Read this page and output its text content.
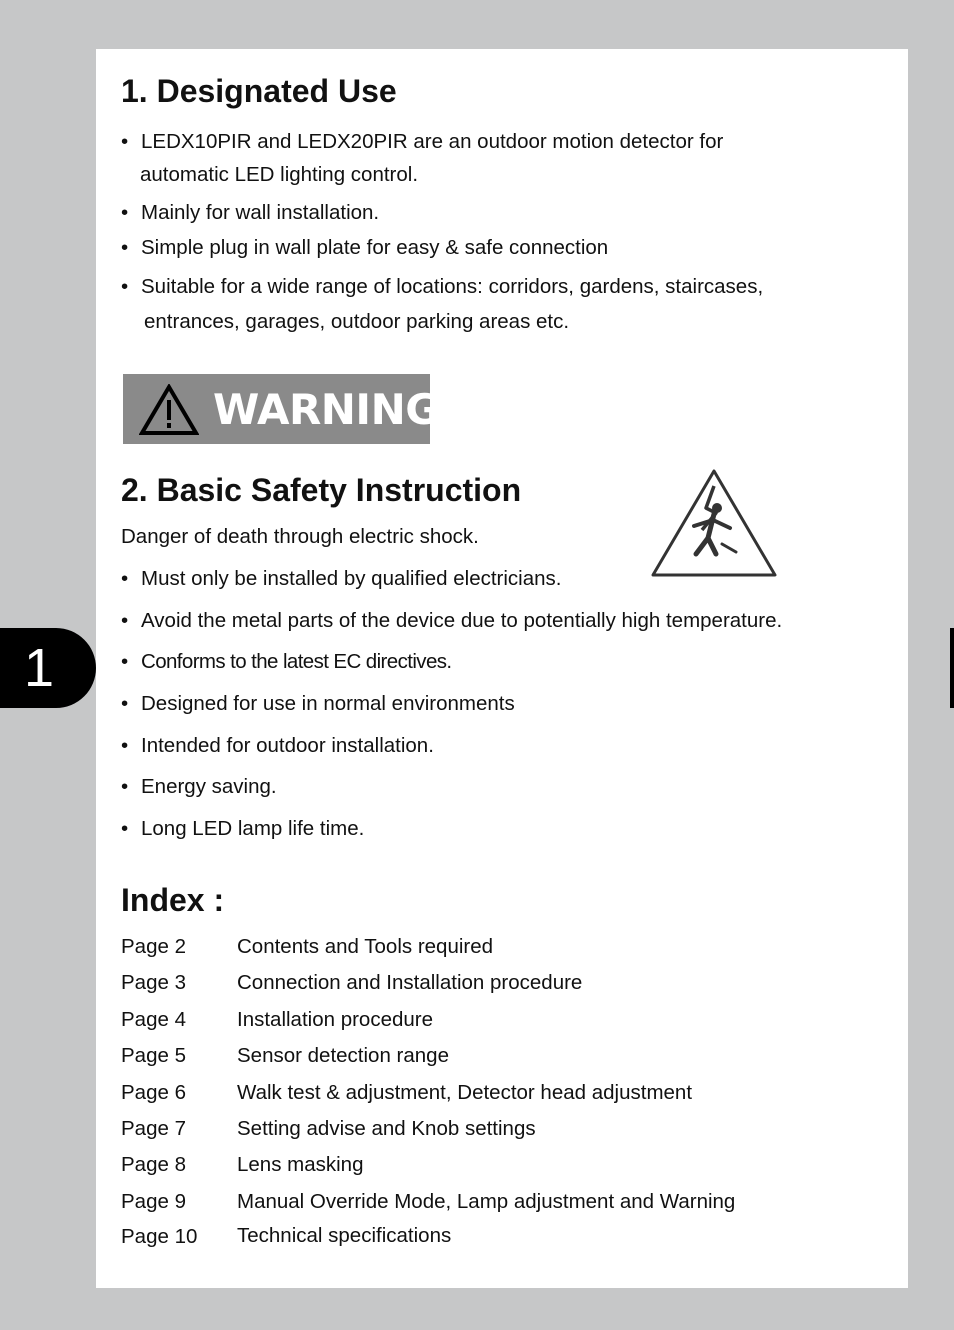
1
1. Designated Use
• LEDX10PIR and LEDX20PIR are an outdoor motion detector for
automatic LED lighting control.
• Mainly for wall installation.
• Simple plug in wall plate for easy & safe connection
• Suitable for a wide range of locations: corridors, gardens, staircases,
entrances, garages, outdoor parking areas etc.
WARNING
2. Basic Safety Instruction
Danger of death through electric shock.
• Must only be installed by qualified electricians.
• Avoid the metal parts of the device due to potentially high temperature.
• Conforms to the latest EC directives.
• Designed for use in normal environments
• Intended for outdoor installation.
• Energy saving.
• Long LED lamp life time.
Index :
Page 2 Contents and Tools required
Page 3 Connection and Installation procedure
Page 4 Installation procedure
Page 5 Sensor detection range
Page 6 Walk test & adjustment, Detector head adjustment
Page 7 Setting advise and Knob settings
Page 8 Lens masking
Page 9 Manual Override Mode, Lamp adjustment and Warning
Page 10 Technical specifications
